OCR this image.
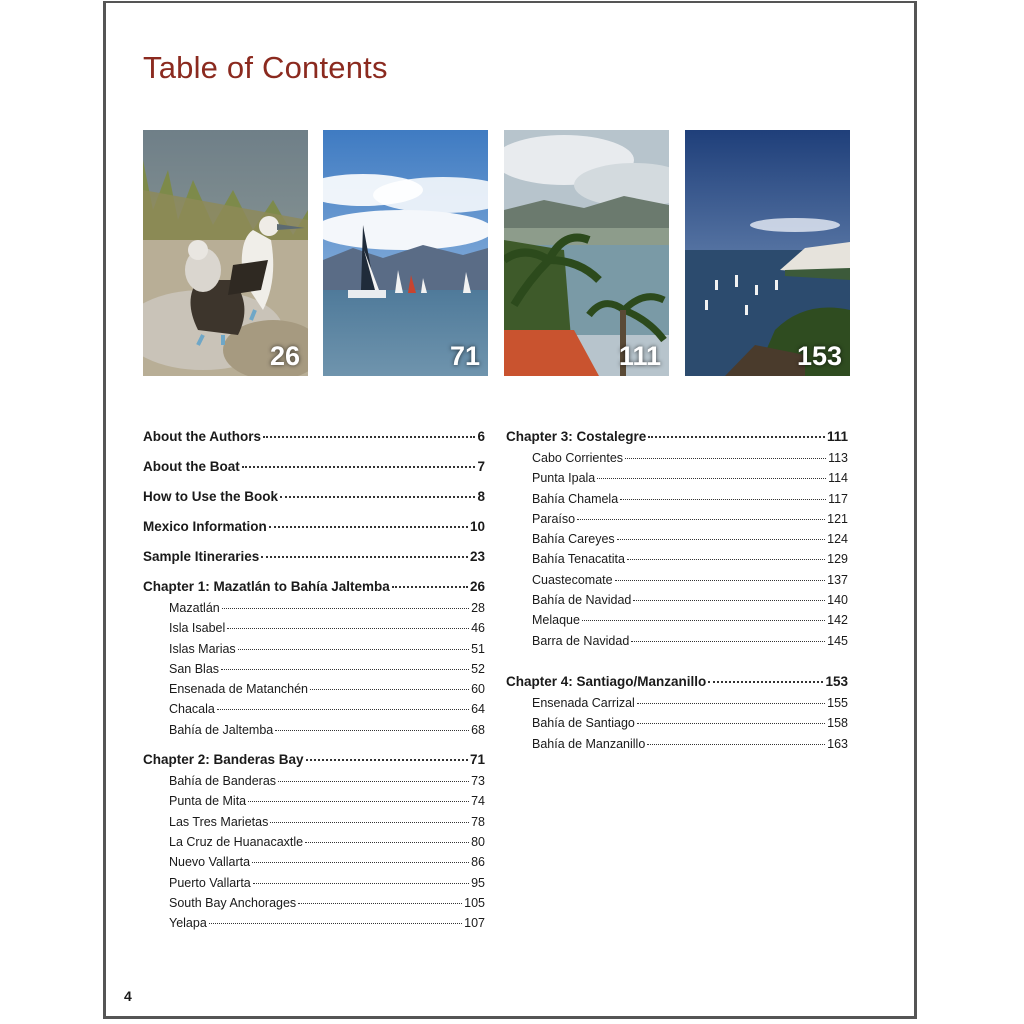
Table of Contents
26	71	111	153
About the Authors	6
About the Boat	7
How to Use the Book	8
Mexico Information	10
Sample Itineraries	23
Chapter 1: Mazatlán to Bahía Jaltemba	26
Mazatlán	28
Isla Isabel	46
Islas Marias	51
San Blas	52
Ensenada de Matanchén	60
Chacala	64
Bahía de Jaltemba	68
Chapter 2: Banderas Bay	71
Bahía de Banderas	73
Punta de Mita	74
Las Tres Marietas	78
La Cruz de Huanacaxtle	80
Nuevo Vallarta	86
Puerto Vallarta	95
South Bay Anchorages	105
Yelapa	107
Chapter 3: Costalegre	111
Cabo Corrientes	113
Punta Ipala	114
Bahía Chamela	117
Paraíso	121
Bahía Careyes	124
Bahía Tenacatita	129
Cuastecomate	137
Bahía de Navidad	140
Melaque	142
Barra de Navidad	145
Chapter 4: Santiago/Manzanillo	153
Ensenada Carrizal	155
Bahía de Santiago	158
Bahía de Manzanillo	163
4
